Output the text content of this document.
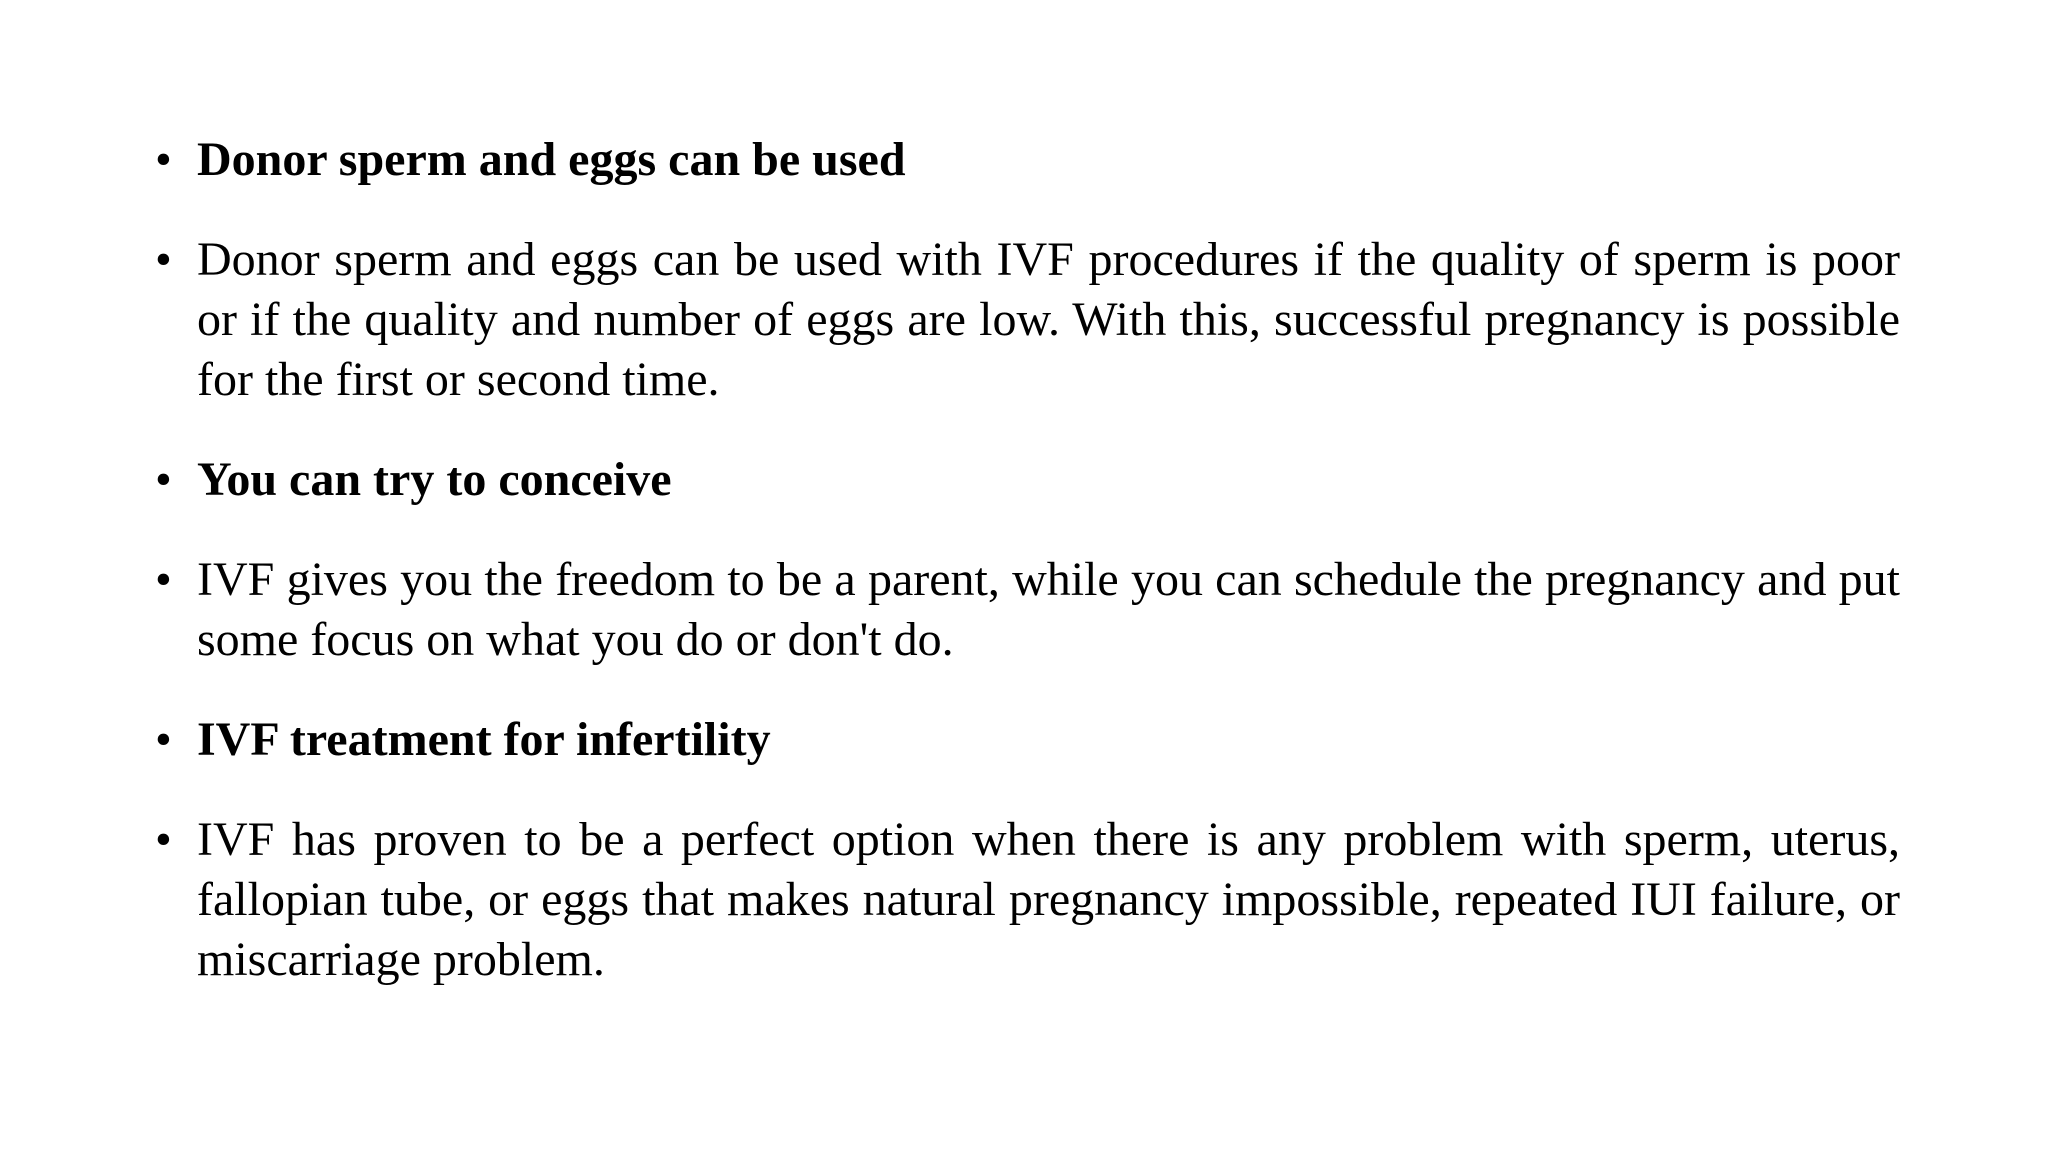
• Donor sperm and eggs can be used
• Donor sperm and eggs can be used with IVF procedures if the quality of sperm is poor or if the quality and number of eggs are low. With this, successful pregnancy is possible for the first or second time.
• You can try to conceive
• IVF gives you the freedom to be a parent, while you can schedule the pregnancy and put some focus on what you do or don't do.
• IVF treatment for infertility
• IVF has proven to be a perfect option when there is any problem with sperm, uterus, fallopian tube, or eggs that makes natural pregnancy impossible, repeated IUI failure, or miscarriage problem.
